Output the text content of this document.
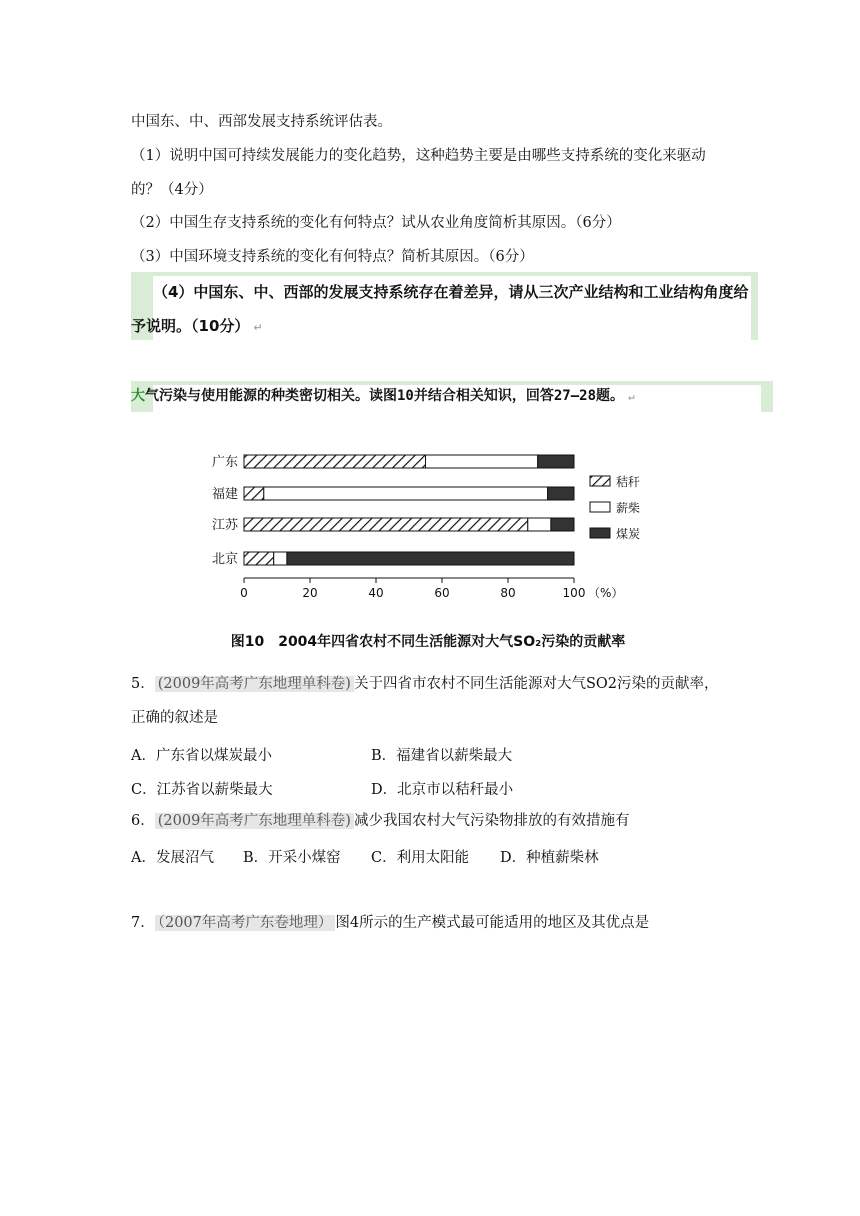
中国东、中、西部发展支持系统评估表。
（1）说明中国可持续发展能力的变化趋势，这种趋势主要是由哪些支持系统的变化来驱动
的？（4分）
（2）中国生存支持系统的变化有何特点？试从农业角度简析其原因。（6分）
（3）中国环境支持系统的变化有何特点？简析其原因。（6分）
（4）中国东、中、西部的发展支持系统存在着差异，请从三次产业结构和工业结构角度给
予说明。（10分） ↵
大气污染与使用能源的种类密切相关。读图10并结合相关知识，回答27–28题。 ↵
广东
福建
江苏
北京
0	20	40	60	80	100 （%）
秸秆
薪柴
煤炭
图10　2004年四省农村不同生活能源对大气SO₂污染的贡献率
5． (2009年高考广东地理单科卷) 关于四省市农村不同生活能源对大气SO2污染的贡献率，
正确的叙述是
A．广东省以煤炭最小	B．福建省以薪柴最大
C．江苏省以薪柴最大	D．北京市以秸秆最小
6． (2009年高考广东地理单科卷) 减少我国农村大气污染物排放的有效措施有
A．发展沼气 B．开采小煤窑 C．利用太阳能 D．种植薪柴林
7． （2007年高考广东卷地理） 图4所示的生产模式最可能适用的地区及其优点是
